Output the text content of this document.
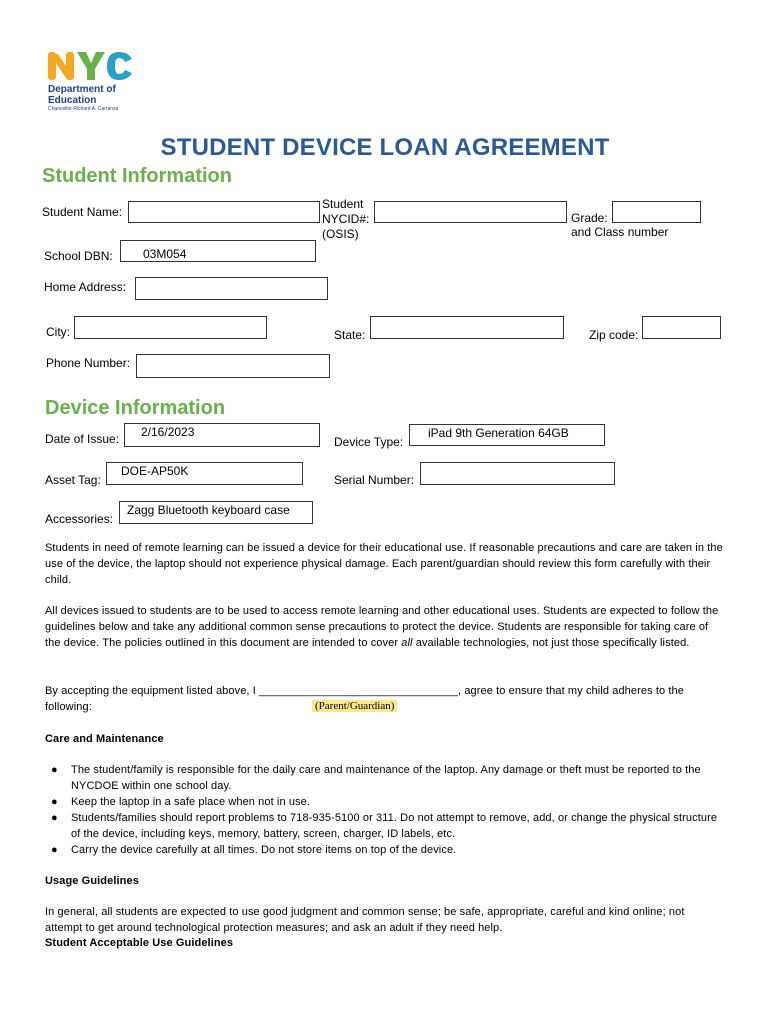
Department of
Education
Chancellor Richard A. Carranza
STUDENT DEVICE LOAN AGREEMENT
Student Information
Student Name:
Student
NYCID#:
(OSIS)
Grade:
and Class number
School DBN:	03M054
Home Address:
City:	State:	Zip code:
Phone Number:
Device Information
Date of Issue:	2/16/2023
Device Type:
iPad 9th Generation 64GB
Asset Tag:
DOE-AP50K
Serial Number:
Accessories:
Zagg Bluetooth keyboard case
Students in need of remote learning can be issued a device for their educational use. If reasonable precautions and care are taken in the use of the device, the laptop should not experience physical damage. Each parent/guardian should review this form carefully with their child.
All devices issued to students are to be used to access remote learning and other educational uses. Students are expected to follow the guidelines below and take any additional common sense precautions to protect the device. Students are responsible for taking care of the device. The policies outlined in this document are intended to cover all available technologies, not just those specifically listed.
By accepting the equipment listed above, I ________________________________, agree to ensure that my child adheres to the
following:	(Parent/Guardian)
Care and Maintenance
● The student/family is responsible for the daily care and maintenance of the laptop. Any damage or theft must be reported to the NYCDOE within one school day.
● Keep the laptop in a safe place when not in use.
● Students/families should report problems to 718-935-5100 or 311. Do not attempt to remove, add, or change the physical structure of the device, including keys, memory, battery, screen, charger, ID labels, etc.
● Carry the device carefully at all times. Do not store items on top of the device.
Usage Guidelines
In general, all students are expected to use good judgment and common sense; be safe, appropriate, careful and kind online; not attempt to get around technological protection measures; and ask an adult if they need help.
Student Acceptable Use Guidelines
